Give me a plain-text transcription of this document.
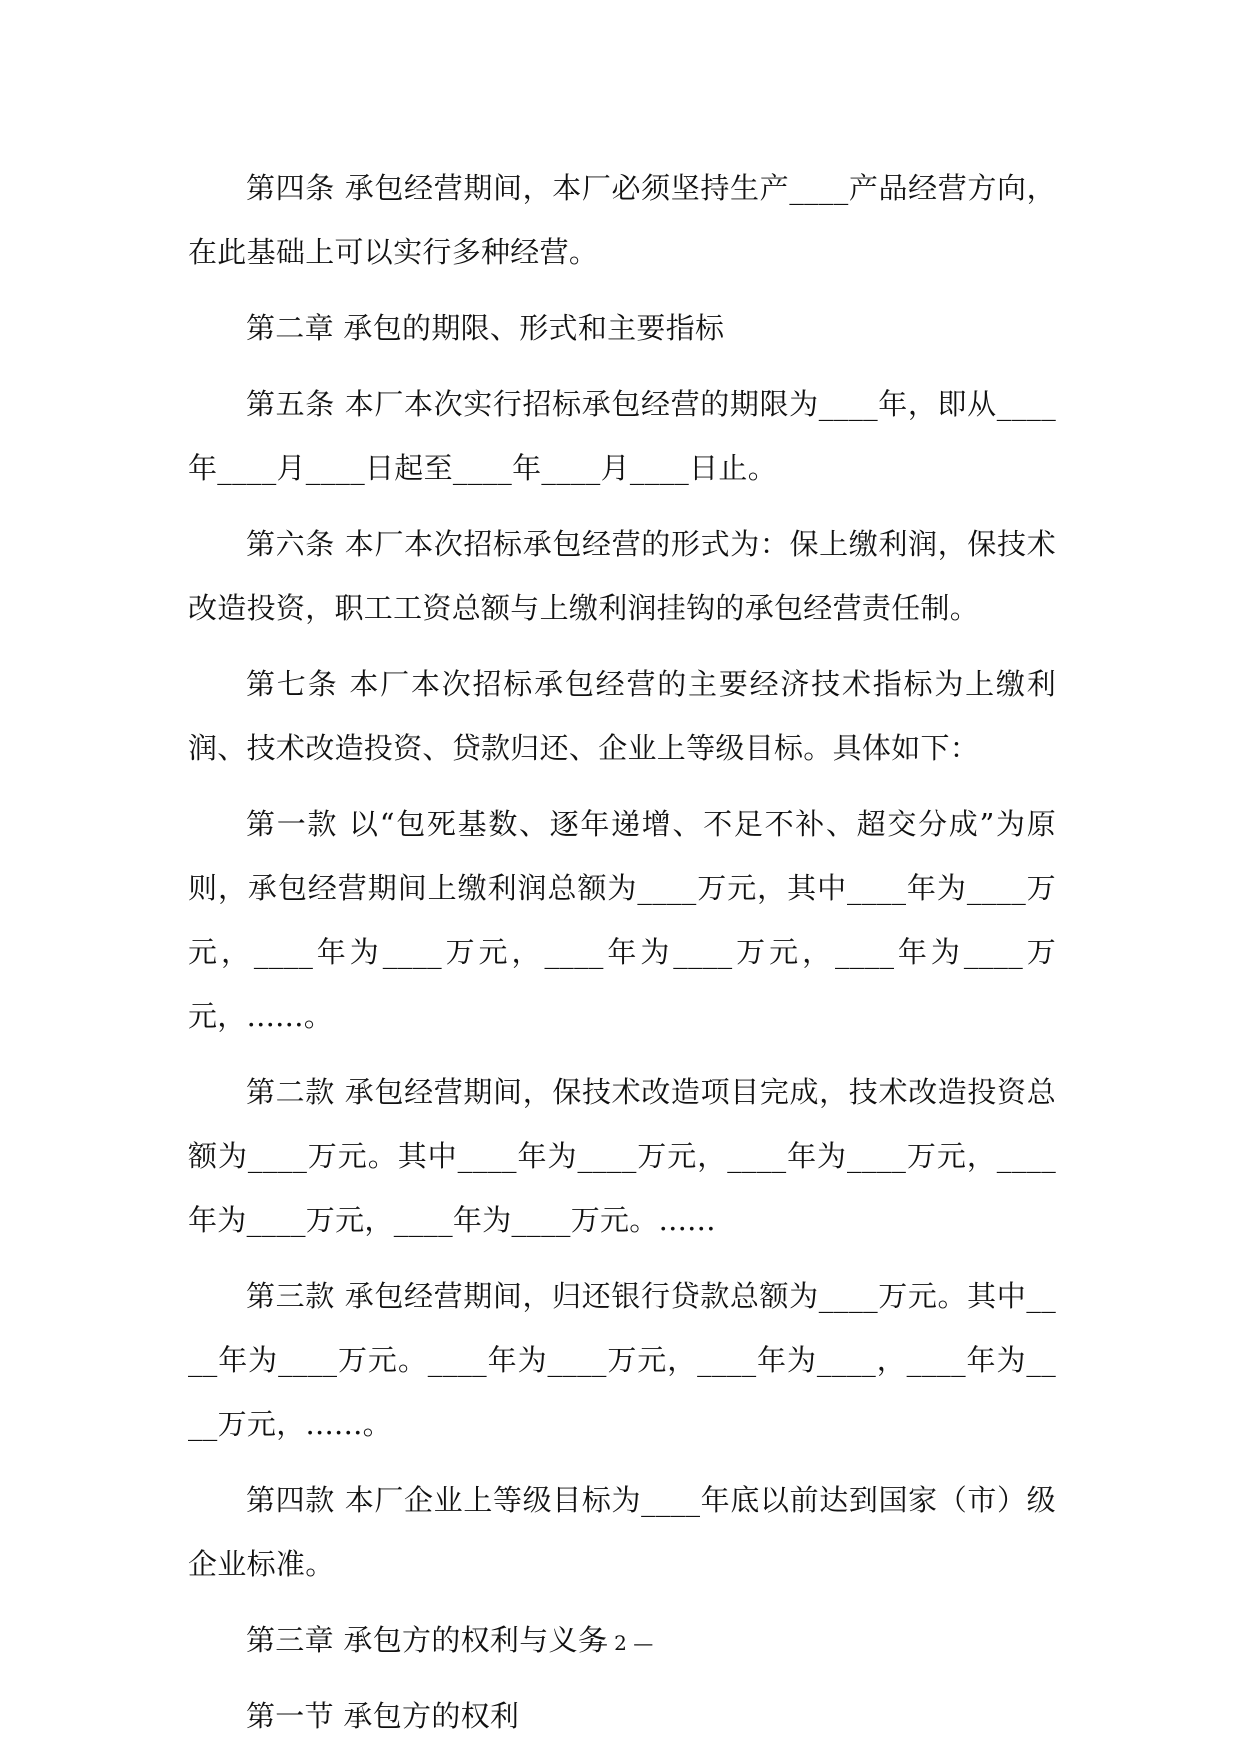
第四条 承包经营期间，本厂必须坚持生产____产品经营方向，在此基础上可以实行多种经营。

第二章 承包的期限、形式和主要指标

第五条 本厂本次实行招标承包经营的期限为____年，即从____年____月____日起至____年____月____日止。

第六条 本厂本次招标承包经营的形式为：保上缴利润，保技术改造投资，职工工资总额与上缴利润挂钩的承包经营责任制。

第七条 本厂本次招标承包经营的主要经济技术指标为上缴利润、技术改造投资、贷款归还、企业上等级目标。具体如下：

第一款 以“包死基数、逐年递增、不足不补、超交分成”为原则，承包经营期间上缴利润总额为____万元，其中____年为____万元，____年为____万元，____年为____万元，____年为____万元，......。

第二款 承包经营期间，保技术改造项目完成，技术改造投资总额为____万元。其中____年为____万元，____年为____万元，____年为____万元，____年为____万元。......

第三款 承包经营期间，归还银行贷款总额为____万元。其中____年为____万元。____年为____万元，____年为____，____年为____万元，......。

第四款 本厂企业上等级目标为____年底以前达到国家（市）级企业标准。

第三章 承包方的权利与义务

第一节 承包方的权利

— 2 —
